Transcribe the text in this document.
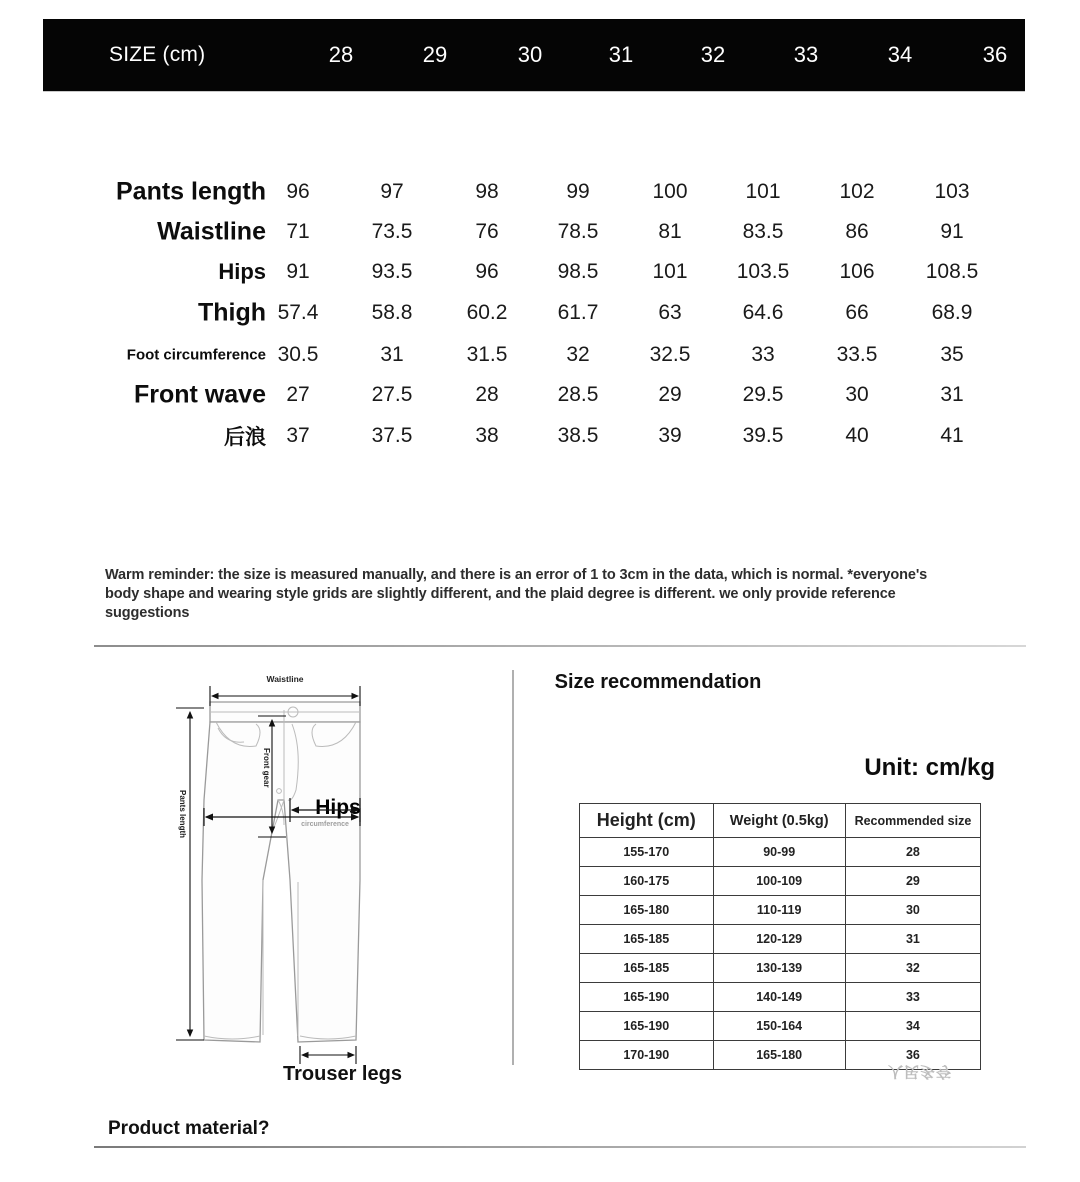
SIZE (cm)	28	29	30	31	32	33	34	36
Pants length 96	97	98	99	100	101	102	103
Waistline 71	73.5	76	78.5	81	83.5	86	91
Hips 91	93.5	96	98.5	101 103.5 106 108.5
Thigh 57.4	58.8	60.2 61.7	63	64.6	66	68.9
Foot circumference 30.5	31	31.5	32	32.5	33	33.5	35
Front wave 27	27.5	28	28.5	29	29.5	30	31
后浪 37	37.5	38	38.5	39	39.5	40	41
Warm reminder: the size is measured manually, and there is an error of 1 to 3cm in the data, which is normal. *everyone's body shape and wearing style grids are slightly different, and the plaid degree is different. we only provide reference suggestions
Waistline
Pants length
Front gear
Hips
circumference
Trouser legs
Size recommendation
Unit: cm/kg
Height (cm)	Weight (0.5kg)	Recommended size
155-170	90-99	28
160-175	100-109	29
165-180	110-119	30
165-185	120-129	31
165-185	130-139	32
165-190	140-149	33
165-190	150-164	34
170-190	165-180	36
人民多夸
Product material?
